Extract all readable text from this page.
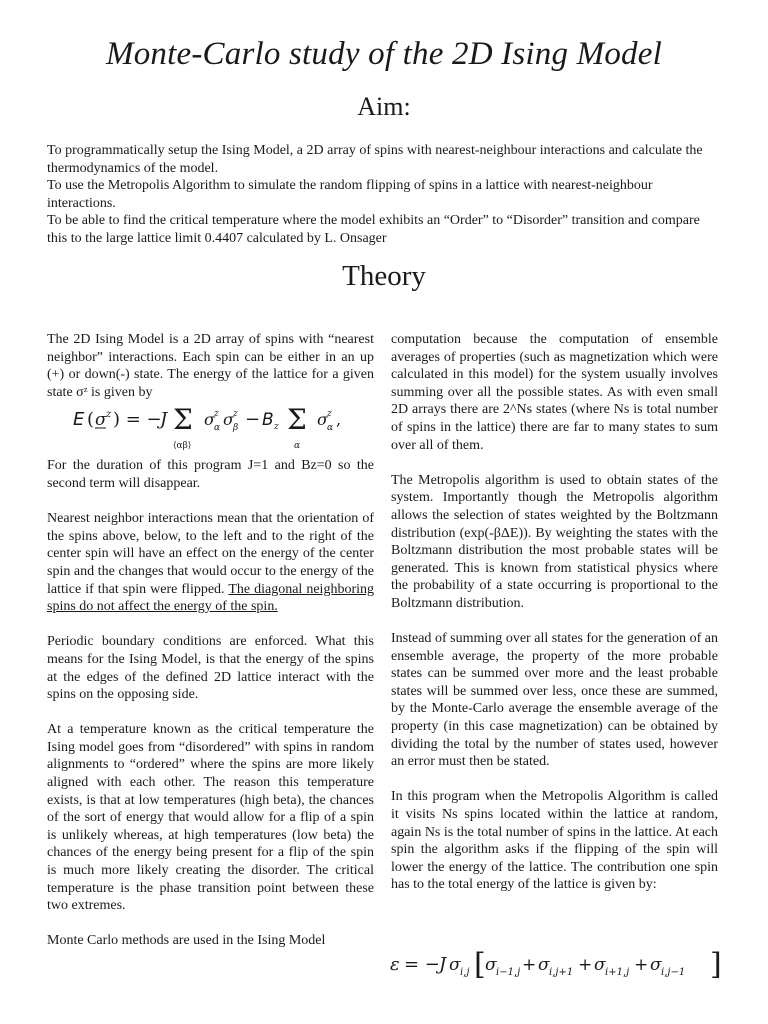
Monte-Carlo study of the 2D Ising Model
Aim:

To programmatically setup the Ising Model, a 2D array of spins with nearest-neighbour interactions and calculate the thermodynamics of the model.

To use the Metropolis Algorithm to simulate the random flipping of spins in a lattice with nearest-neighbour interactions.

To be able to find the critical temperature where the model exhibits an “Order” to “Disorder” transition and compare this to the large lattice limit 0.4407 calculated by L. Onsager

Theory

The 2D Ising Model is a 2D array of spins with “nearest neighbor” interactions. Each spin can be either in an up (+) or down(-) state. The energy of the lattice for a given state σᶻ is given by

E ( σ z ) = −
J Σ
⟨αβ⟩
σ z
α σ z
β − B z Σ
α
σ z
α ,

For the duration of this program J=1 and Bz=0 so the second term will disappear.

Nearest neighbor interactions mean that the orientation of the spins above, below, to the left and to the right of the center spin will have an effect on the energy of the center spin and the changes that would occur to the energy of the lattice if that spin were flipped. The diagonal neighboring spins do not affect the energy of the spin.

Periodic boundary conditions are enforced. What this means for the Ising Model, is that the energy of the spins at the edges of the defined 2D lattice interact with the spins on the opposing side.

At a temperature known as the critical temperature the Ising model goes from “disordered” with spins in random alignments to “ordered” where the spins are more likely aligned with each other. The reason this temperature exists, is that at low temperatures (high beta), the chances of the sort of energy that would allow for a flip of a spin is unlikely whereas, at high temperatures (low beta) the chances of the energy being present for a flip of the spin is much more likely creating the disorder. The critical temperature is the phase transition point between these two extremes.

Monte Carlo methods are used in the Ising Model

computation because the computation of ensemble averages of properties (such as magnetization which were calculated in this model) for the system usually involves summing over all the possible states. As with even small 2D arrays there are 2^Ns states (where Ns is total number of spins in the lattice) there are far to many states to sum over all of them.

The Metropolis algorithm is used to obtain states of the system. Importantly though the Metropolis algorithm allows the selection of states weighted by the Boltzmann distribution (exp(-βΔE)). By weighting the states with the Boltzmann distribution the most probable states will be generated. This is known from statistical physics where the probability of a state occurring is proportional to the Boltzmann distribution.

Instead of summing over all states for the generation of an ensemble average, the property of the more probable states can be summed over more and the least probable states will be summed over less, once these are summed, by the Monte-Carlo average the ensemble average of the property (in this case magnetization) can be obtained by dividing the total by the number of states used, however an error must then be stated.

In this program when the Metropolis Algorithm is called it visits Ns spins located within the lattice at random, again Ns is the total number of spins in the lattice. At each spin the algorithm asks if the flipping of the spin will lower the energy of the lattice. The contribution one spin has to the total energy of the lattice is given by:

ε = − J σ i,j [ σ i−1,j + σ i,j+1 + σ i+1,j + σ i,j−1 ]
